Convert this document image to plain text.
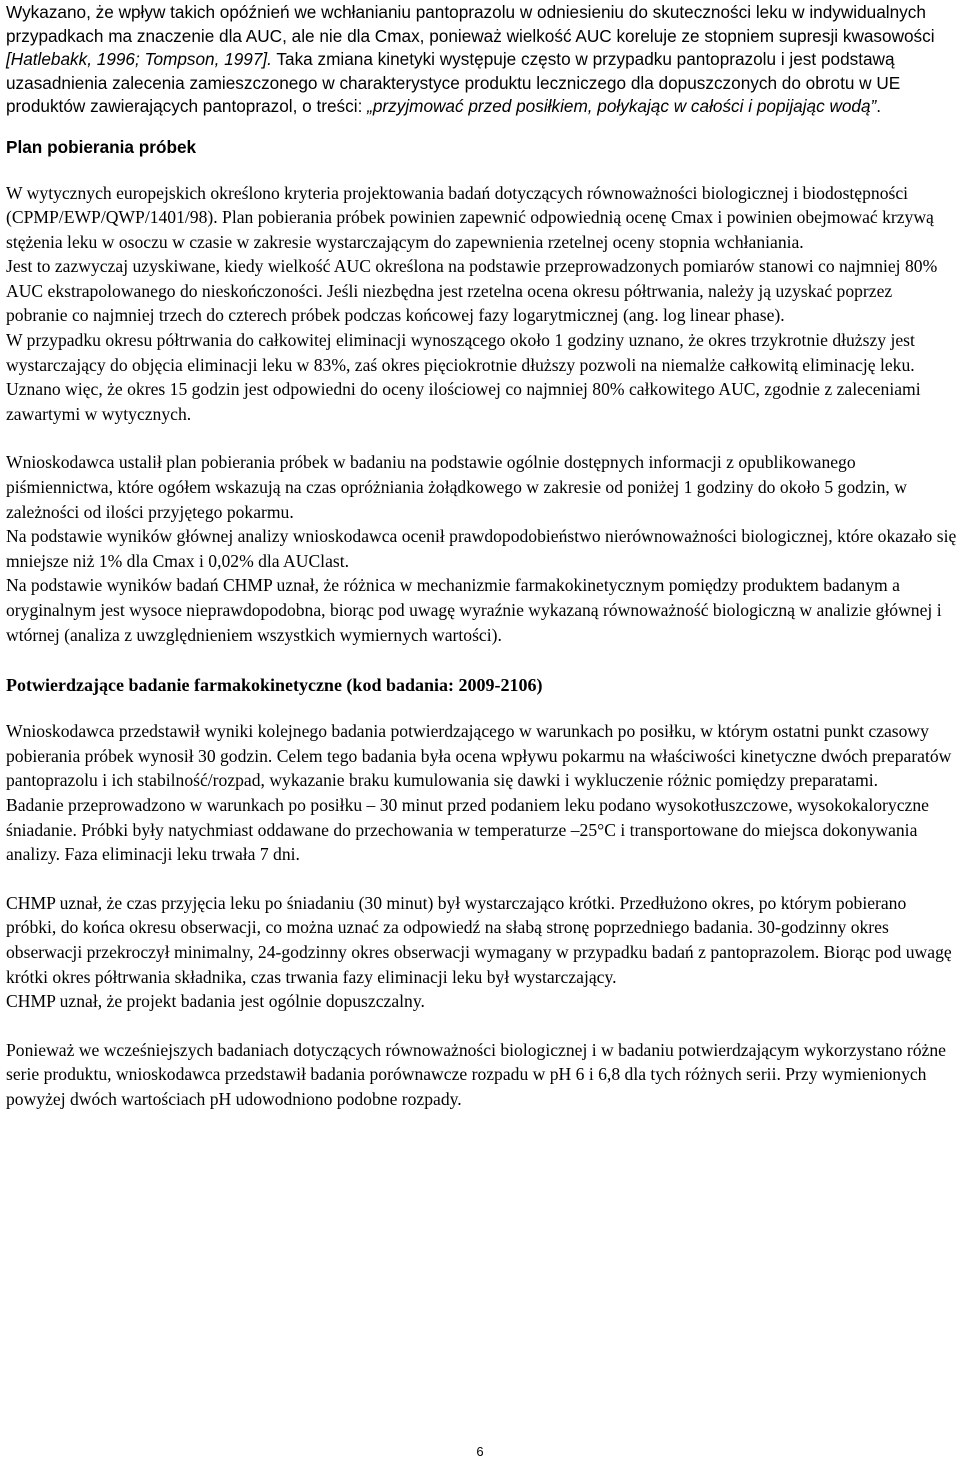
Wykazano, że wpływ takich opóźnień we wchłanianiu pantoprazolu w odniesieniu do skuteczności leku w indywidualnych przypadkach ma znaczenie dla AUC, ale nie dla Cmax, ponieważ wielkość AUC koreluje ze stopniem supresji kwasowości [Hatlebakk, 1996; Tompson, 1997]. Taka zmiana kinetyki występuje często w przypadku pantoprazolu i jest podstawą uzasadnienia zalecenia zamieszczonego w charakterystyce produktu leczniczego dla dopuszczonych do obrotu w UE produktów zawierających pantoprazol, o treści: „przyjmować przed posiłkiem, połykając w całości i popijając wodą”.

Plan pobierania próbek

W wytycznych europejskich określono kryteria projektowania badań dotyczących równoważności biologicznej i biodostępności (CPMP/EWP/QWP/1401/98). Plan pobierania próbek powinien zapewnić odpowiednią ocenę Cmax i powinien obejmować krzywą stężenia leku w osoczu w czasie w zakresie wystarczającym do zapewnienia rzetelnej oceny stopnia wchłaniania.

Jest to zazwyczaj uzyskiwane, kiedy wielkość AUC określona na podstawie przeprowadzonych pomiarów stanowi co najmniej 80% AUC ekstrapolowanego do nieskończoności. Jeśli niezbędna jest rzetelna ocena okresu półtrwania, należy ją uzyskać poprzez pobranie co najmniej trzech do czterech próbek podczas końcowej fazy logarytmicznej (ang. log linear phase).

W przypadku okresu półtrwania do całkowitej eliminacji wynoszącego około 1 godziny uznano, że okres trzykrotnie dłuższy jest wystarczający do objęcia eliminacji leku w 83%, zaś okres pięciokrotnie dłuższy pozwoli na niemalże całkowitą eliminację leku. Uznano więc, że okres 15 godzin jest odpowiedni do oceny ilościowej co najmniej 80% całkowitego AUC, zgodnie z zaleceniami zawartymi w wytycznych.

Wnioskodawca ustalił plan pobierania próbek w badaniu na podstawie ogólnie dostępnych informacji z opublikowanego piśmiennictwa, które ogółem wskazują na czas opróżniania żołądkowego w zakresie od poniżej 1 godziny do około 5 godzin, w zależności od ilości przyjętego pokarmu.

Na podstawie wyników głównej analizy wnioskodawca ocenił prawdopodobieństwo nierównoważności biologicznej, które okazało się mniejsze niż 1% dla Cmax i 0,02% dla AUClast.

Na podstawie wyników badań CHMP uznał, że różnica w mechanizmie farmakokinetycznym pomiędzy produktem badanym a oryginalnym jest wysoce nieprawdopodobna, biorąc pod uwagę wyraźnie wykazaną równoważność biologiczną w analizie głównej i wtórnej (analiza z uwzględnieniem wszystkich wymiernych wartości).

Potwierdzające badanie farmakokinetyczne (kod badania: 2009-2106)

Wnioskodawca przedstawił wyniki kolejnego badania potwierdzającego w warunkach po posiłku, w którym ostatni punkt czasowy pobierania próbek wynosił 30 godzin. Celem tego badania była ocena wpływu pokarmu na właściwości kinetyczne dwóch preparatów pantoprazolu i ich stabilność/rozpad, wykazanie braku kumulowania się dawki i wykluczenie różnic pomiędzy preparatami.

Badanie przeprowadzono w warunkach po posiłku – 30 minut przed podaniem leku podano wysokotłuszczowe, wysokokaloryczne śniadanie. Próbki były natychmiast oddawane do przechowania w temperaturze –25°C i transportowane do miejsca dokonywania analizy. Faza eliminacji leku trwała 7 dni.

CHMP uznał, że czas przyjęcia leku po śniadaniu (30 minut) był wystarczająco krótki. Przedłużono okres, po którym pobierano próbki, do końca okresu obserwacji, co można uznać za odpowiedź na słabą stronę poprzedniego badania. 30-godzinny okres obserwacji przekroczył minimalny, 24-godzinny okres obserwacji wymagany w przypadku badań z pantoprazolem. Biorąc pod uwagę krótki okres półtrwania składnika, czas trwania fazy eliminacji leku był wystarczający.

CHMP uznał, że projekt badania jest ogólnie dopuszczalny.

Ponieważ we wcześniejszych badaniach dotyczących równoważności biologicznej i w badaniu potwierdzającym wykorzystano różne serie produktu, wnioskodawca przedstawił badania porównawcze rozpadu w pH 6 i 6,8 dla tych różnych serii. Przy wymienionych powyżej dwóch wartościach pH udowodniono podobne rozpady.

6
